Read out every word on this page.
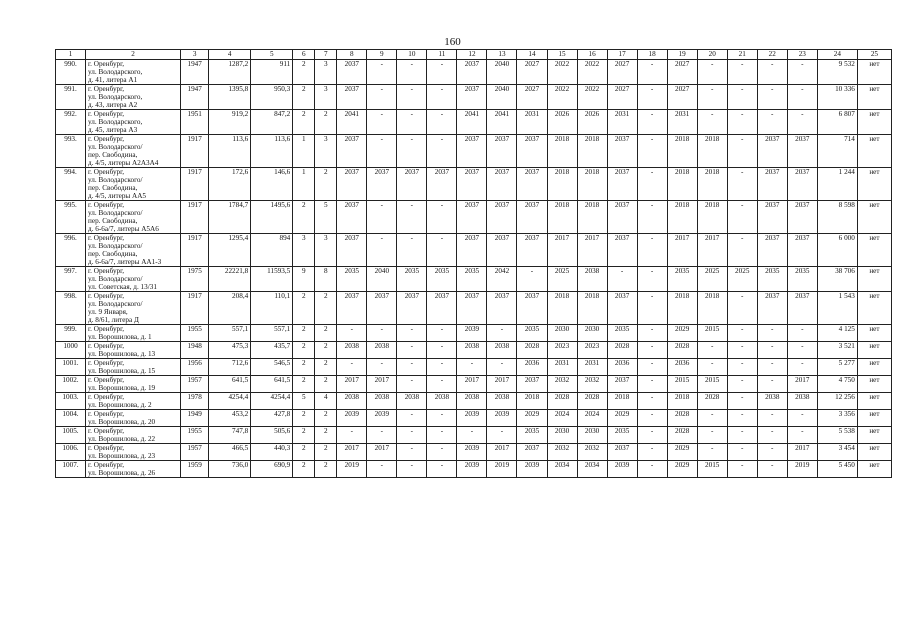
160
1	2	3	4	5	6	7	8	9	10	11	12	13	14	15	16	17	18	19	20	21	22	23	24	25
990.	г. Оренбург,
ул. Володарского,
д. 41, литера А1	1947	1287,2	911	2	3	2037	-	-	-	2037	2040	2027	2022	2022	2027	-	2027	-	-	-	-	9 532	нет
991.	г. Оренбург,
ул. Володарского,
д. 43, литера А2	1947	1395,8	950,3	2	3	2037	-	-	-	2037	2040	2027	2022	2022	2027	-	2027	-	-	-	-	10 336	нет
992.	г. Оренбург,
ул. Володарского,
д. 45, литера А3	1951	919,2	847,2	2	2	2041	-	-	-	2041	2041	2031	2026	2026	2031	-	2031	-	-	-	-	6 807	нет
993.	г. Оренбург,
ул. Володарского/
пер. Свободина,
д. 4/5, литеры А2А3А4	1917	113,6	113,6	1	3	2037	-	-	-	2037	2037	2037	2018	2018	2037	-	2018	2018	-	2037	2037	714	нет
994.	г. Оренбург,
ул. Володарского/
пер. Свободина,
д. 4/5, литеры АА5	1917	172,6	146,6	1	2	2037	2037	2037	2037	2037	2037	2037	2018	2018	2037	-	2018	2018	-	2037	2037	1 244	нет
995.	г. Оренбург,
ул. Володарского/
пер. Свободина,
д. 6-6а/7, литеры А5А6	1917	1784,7	1495,6	2	5	2037	-	-	-	2037	2037	2037	2018	2018	2037	-	2018	2018	-	2037	2037	8 598	нет
996.	г. Оренбург,
ул. Володарского/
пер. Свободина,
д. 6-6а/7, литеры АА1-3	1917	1295,4	894	3	3	2037	-	-	-	2037	2037	2037	2017	2017	2037	-	2017	2017	-	2037	2037	6 000	нет
997.	г. Оренбург,
ул. Володарского/
ул. Советская, д. 13/31	1975	22221,8	11593,5	9	8	2035	2040	2035	2035	2035	2042	-	2025	2038	-	-	2035	2025	2025	2035	2035	38 706	нет
998.	г. Оренбург,
ул. Володарского/
ул. 9 Января,
д. 8/61, литера Д	1917	208,4	110,1	2	2	2037	2037	2037	2037	2037	2037	2037	2018	2018	2037	-	2018	2018	-	2037	2037	1 543	нет
999.	г. Оренбург,
ул. Ворошилова, д. 1	1955	557,1	557,1	2	2	-	-	-	-	2039	-	2035	2030	2030	2035	-	2029	2015	-	-	-	4 125	нет
1000	г. Оренбург,
ул. Ворошилова, д. 13	1948	475,3	435,7	2	2	2038	2038	-	-	2038	2038	2028	2023	2023	2028	-	2028	-	-	-	-	3 521	нет
1001.	г. Оренбург,
ул. Ворошилова, д. 15	1956	712,6	546,5	2	2	-	-	-	-	-	-	2036	2031	2031	2036	-	2036	-	-	-	-	5 277	нет
1002.	г. Оренбург,
ул. Ворошилова, д. 19	1957	641,5	641,5	2	2	2017	2017	-	-	2017	2017	2037	2032	2032	2037	-	2015	2015	-	-	2017	4 750	нет
1003.	г. Оренбург,
ул. Ворошилова, д. 2	1978	4254,4	4254,4	5	4	2038	2038	2038	2038	2038	2038	2018	2028	2028	2018	-	2018	2028	-	2038	2038	12 256	нет
1004.	г. Оренбург,
ул. Ворошилова, д. 20	1949	453,2	427,8	2	2	2039	2039	-	-	2039	2039	2029	2024	2024	2029	-	2028	-	-	-	-	3 356	нет
1005.	г. Оренбург,
ул. Ворошилова, д. 22	1955	747,8	505,6	2	2	-	-	-	-	-	-	2035	2030	2030	2035	-	2028	-	-	-	-	5 538	нет
1006.	г. Оренбург,
ул. Ворошилова, д. 23	1957	466,5	440,3	2	2	2017	2017	-	-	2039	2017	2037	2032	2032	2037	-	2029	-	-	-	2017	3 454	нет
1007.	г. Оренбург,
ул. Ворошилова, д. 26	1959	736,0	690,9	2	2	2019	-	-	-	2039	2019	2039	2034	2034	2039	-	2029	2015	-	-	2019	5 450	нет
